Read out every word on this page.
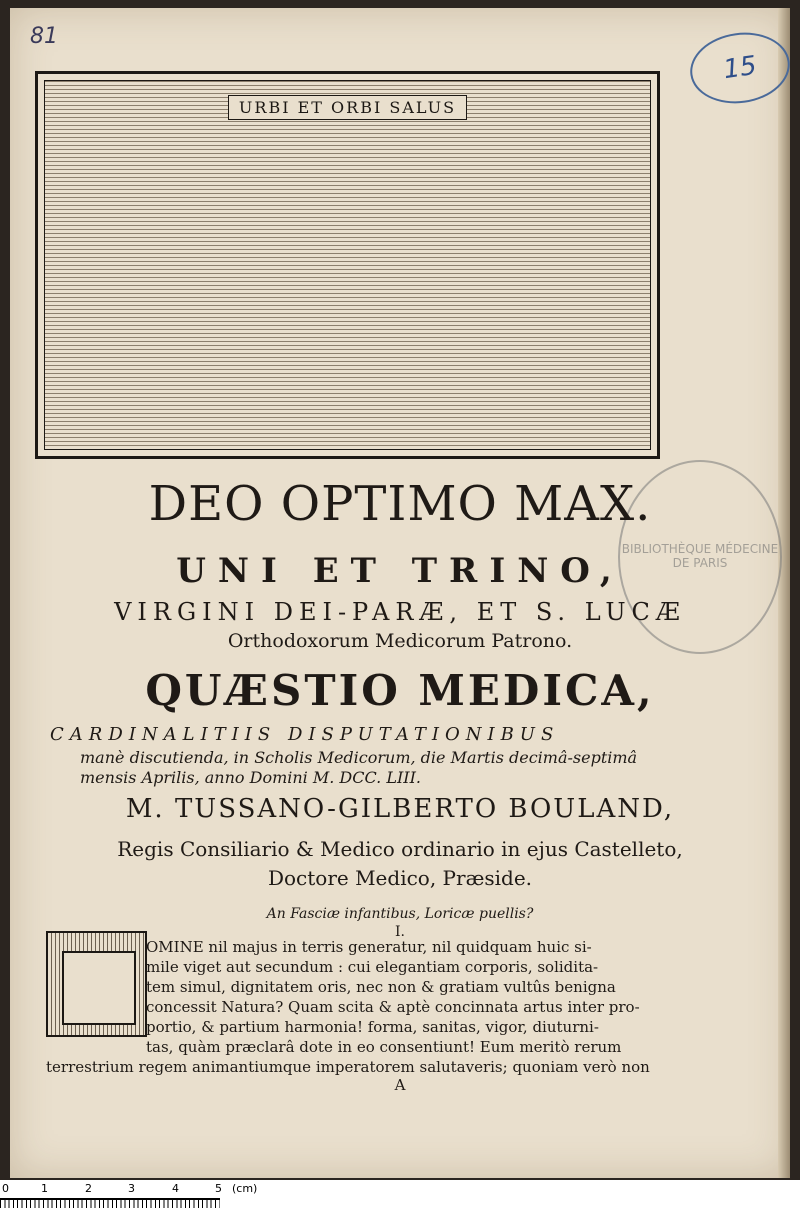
81
15
URBI ET ORBI SALUS
BIBLIOTHÈQUE MÉDECINE DE PARIS
DEO OPTIMO MAX.
UNI ET TRINO,
VIRGINI DEI-PARÆ, ET S. LUCÆ
Orthodoxorum Medicorum Patrono.
QUÆSTIO MEDICA,
CARDINALITIIS DISPUTATIONIBUS
manè discutienda, in Scholis Medicorum, die Martis decimâ-septimâ
mensis Aprilis, anno Domini M. DCC. LIII.
M. TUSSANO-GILBERTO BOULAND,
Regis Consiliario & Medico ordinario in ejus Castelleto,
Doctore Medico, Præside.
An Fasciæ infantibus, Loricæ puellis?
I.
OMINE nil majus in terris generatur, nil quidquam huic si-
mile viget aut secundum : cui elegantiam corporis, solidita-
tem simul, dignitatem oris, nec non & gratiam vultûs benigna
concessit Natura? Quam scita & aptè concinnata artus inter pro-
portio, & partium harmonia! forma, sanitas, vigor, diuturni-
tas, quàm præclarâ dote in eo consentiunt! Eum meritò rerum
terrestrium regem animantiumque imperatorem salutaveris; quoniam verò non
A
0	1	2	3	4	5 (cm)
